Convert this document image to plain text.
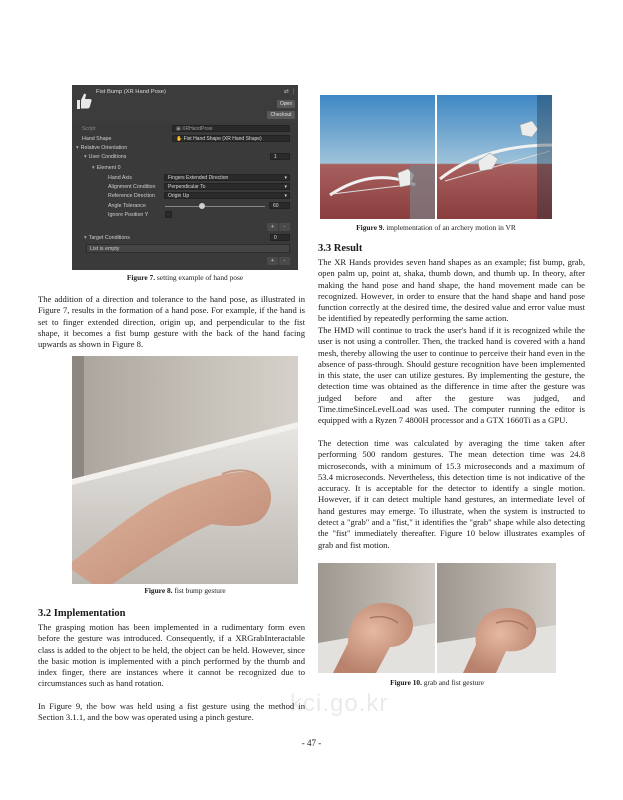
Fist Bump (XR Hand Pose)	⇄ ⋮
Open
Checkout
Script	▣ XRHandPose
Hand Shape	✋ Fist Hand Shape (XR Hand Shape)
▾ Relative Orientation
▾ User Conditions	1
▾ Element 0
Hand Axis	Fingers Extended Direction	▾
Alignment Condition	Perpendicular To	▾
Reference Direction	Origin Up	▾
Angle Tolerance	60
Ignore Position Y
+	-
▾ Target Conditions	0
List is empty
+	-
Figure 7. setting example of hand pose

The addition of a direction and tolerance to the hand pose, as illustrated in Figure 7, results in the formation of a hand pose. For example, if the hand is set to finger extended direction, origin up, and perpendicular to the fist shape, it becomes a fist bump gesture with the back of the hand facing upwards as shown in Figure 8.

Figure 8. fist bump gesture
3.2 Implementation

The grasping motion has been implemented in a rudimentary form even before the gesture was introduced. Consequently, if a XRGrabInteractable class is added to the object to be held, the object can be held. However, since the basic motion is implemented with a pinch performed by the thumb and index finger, there are instances where it cannot be recognized due to circumstances such as hand rotation.

In Figure 9, the bow was held using a fist gesture using the method in Section 3.1.1, and the bow was operated using a pinch gesture.

Figure 9. implementation of an archery motion in VR
3.3 Result

The XR Hands provides seven hand shapes as an example; fist bump, grab, open palm up, point at, shaka, thumb down, and thumb up. In theory, after making the hand pose and hand shape, the hand movement made can be recognized. However, in order to ensure that the hand shape and hand pose function correctly at the desired time, the desired value and error value must be identified by repeatedly performing the same action.

The HMD will continue to track the user's hand if it is recognized while the user is not using a controller. Then, the tracked hand is covered with a hand mesh, thereby allowing the user to continue to perceive their hand even in the absence of pass-through. Should gesture recognition have been implemented in this state, the user can utilize gestures. By implementing the gesture, the detection time was obtained as the difference in time after the gesture was judged before and after the gesture was judged, and Time.timeSinceLevelLoad was used. The computer running the editor is equipped with a Ryzen 7 4800H processor and a GTX 1660Ti as a GPU.

The detection time was calculated by averaging the time taken after performing 500 random gestures. The mean detection time was 24.8 microseconds, with a minimum of 15.3 microseconds and a maximum of 53.4 microseconds. Nevertheless, this detection time is not indicative of the accuracy. It is acceptable for the detector to identify a single motion. However, if it can detect multiple hand gestures, an intermediate level of hand gestures may emerge. To illustrate, when the system is instructed to detect a "grab" and a "fist," it identifies the "grab" shape while also detecting the "fist" immediately thereafter. Figure 10 below illustrates examples of grab and fist motion.

Figure 10. grab and fist gesture
kci.go.kr
- 47 -
